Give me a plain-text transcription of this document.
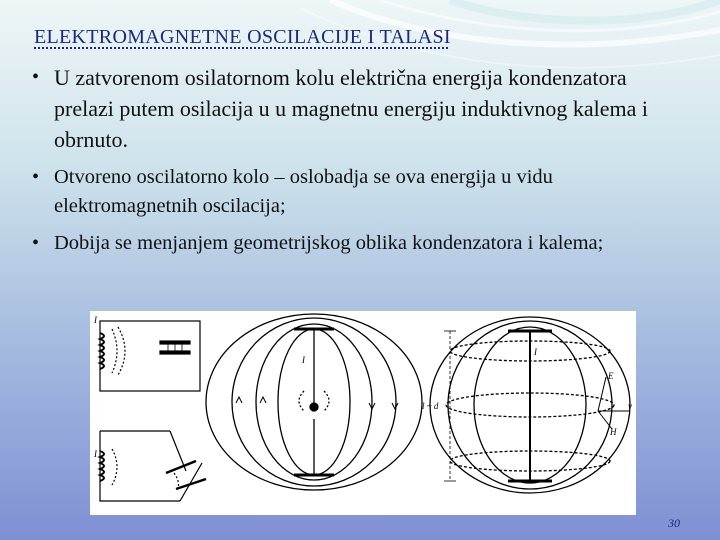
ELEKTROMAGNETNE OSCILACIJE I TALASI
• U zatvorenom osilatornom kolu električna energija kondenzatora prelazi putem osilacija u u magnetnu energiju induktivnog kalema i obrnuto.
• Otvoreno oscilatorno kolo – oslobadja se ova energija u vidu elektromagnetnih oscilacija;
• Dobija se menjanjem geometrijskog oblika kondenzatora i kalema;
I
I
I
I
l ~ d
E
v
H
30
